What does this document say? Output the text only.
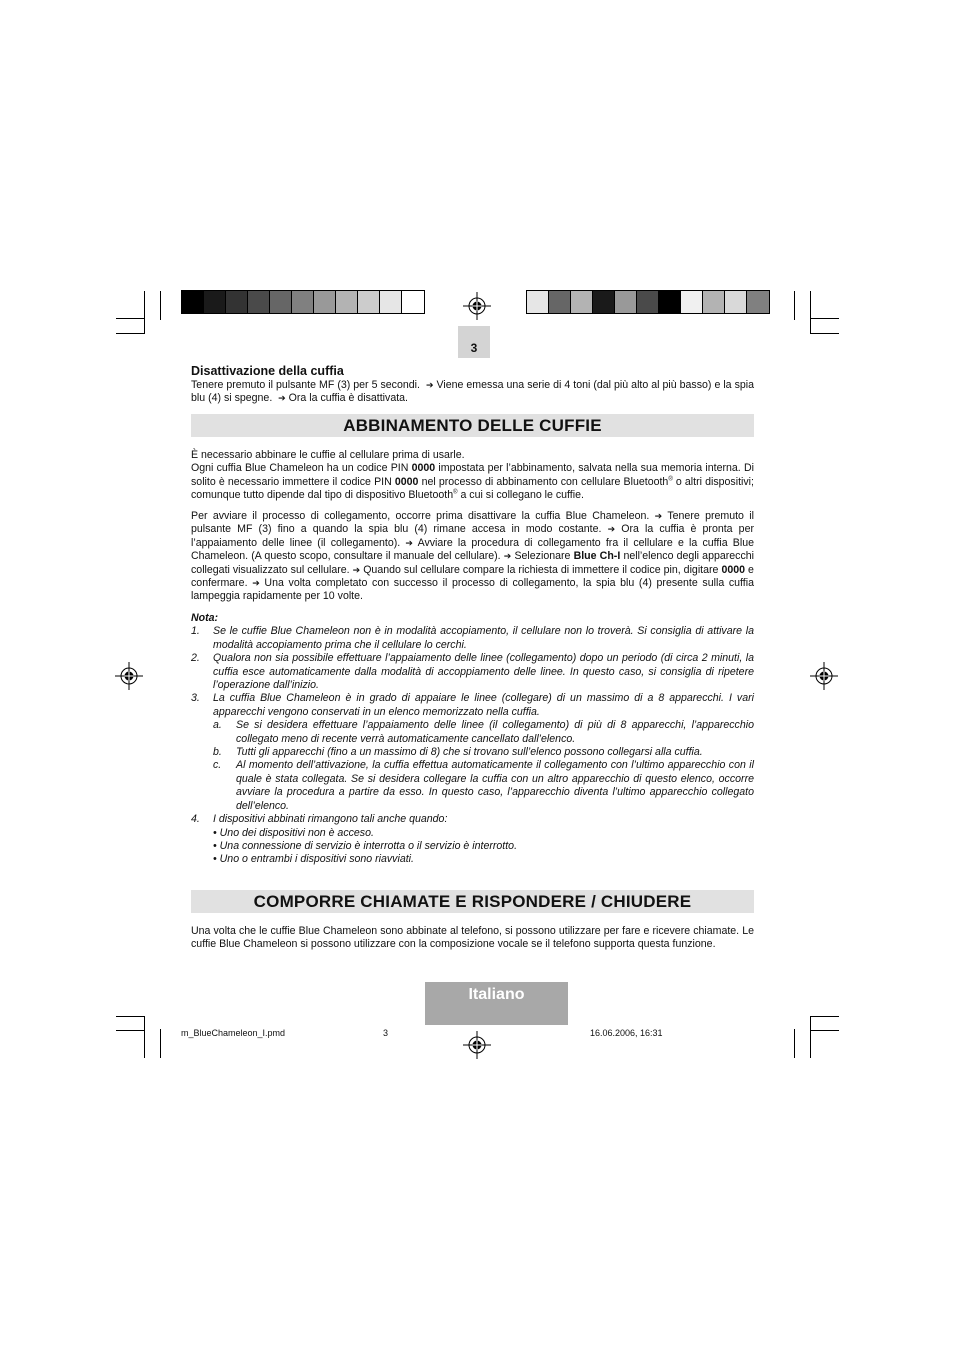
3
Disattivazione della cuffia

Tenere premuto il pulsante MF (3) per 5 secondi. ➔ Viene emessa una serie di 4 toni (dal più alto al più basso) e la spia blu (4) si spegne. ➔ Ora la cuffia è disattivata.

ABBINAMENTO DELLE CUFFIE

È necessario abbinare le cuffie al cellulare prima di usarle.

Ogni cuffia Blue Chameleon ha un codice PIN 0000 impostata per l’abbinamento, salvata nella sua memoria interna. Di solito è necessario immettere il codice PIN 0000 nel processo di abbinamento con cellulare Bluetooth® o altri dispositivi; comunque tutto dipende dal tipo di dispositivo Bluetooth® a cui si collegano le cuffie.

Per avviare il processo di collegamento, occorre prima disattivare la cuffia Blue Chameleon. ➔ Tenere premuto il pulsante MF (3) fino a quando la spia blu (4) rimane accesa in modo costante. ➔ Ora la cuffia è pronta per l’appaiamento delle linee (il collegamento). ➔ Avviare la procedura di collegamento fra il cellulare e la cuffia Blue Chameleon. (A questo scopo, consultare il manuale del cellulare). ➔ Selezionare Blue Ch-I nell’elenco degli apparecchi collegati visualizzato sul cellulare. ➔ Quando sul cellulare compare la richiesta di immettere il codice pin, digitare 0000 e confermare. ➔ Una volta completato con successo il processo di collegamento, la spia blu (4) presente sulla cuffia lampeggia rapidamente per 10 volte.

Nota:
1.	Se le cuffie Blue Chameleon non è in modalità accopiamento, il cellulare non lo troverà. Si consiglia di attivare la modalità accopiamento prima che il cellulare lo cerchi.
2.	Qualora non sia possibile effettuare l’appaiamento delle linee (collegamento) dopo un periodo (di circa 2 minuti, la cuffia esce automaticamente dalla modalità di accoppiamento delle linee. In questo caso, si consiglia di ripetere l’operazione dall’inizio.
3.	La cuffia Blue Chameleon è in grado di appaiare le linee (collegare) di un massimo di a 8 apparecchi. I vari apparecchi vengono conservati in un elenco memorizzato nella cuffia.
a.	Se si desidera effettuare l’appaiamento delle linee (il collegamento) di più di 8 apparecchi, l’apparecchio collegato meno di recente verrà automaticamente cancellato dall’elenco.
b.	Tutti gli apparecchi (fino a un massimo di 8) che si trovano sull’elenco possono collegarsi alla cuffia.
c.	Al momento dell’attivazione, la cuffia effettua automaticamente il collegamento con l’ultimo apparecchio con il quale è stata collegata. Se si desidera collegare la cuffia con un altro apparecchio di questo elenco, occorre avviare la procedura a partire da esso. In questo caso, l’apparecchio diventa l’ultimo apparecchio collegato dell’elenco.
4.	I dispositivi abbinati rimangono tali anche quando:
• Uno dei dispositivi non è acceso.
• Una connessione di servizio è interrotta o il servizio è interrotto.
• Uno o entrambi i dispositivi sono riavviati.
COMPORRE CHIAMATE E RISPONDERE / CHIUDERE

Una volta che le cuffie Blue Chameleon sono abbinate al telefono, si possono utilizzare per fare e ricevere chiamate. Le cuffie Blue Chameleon si possono utilizzare con la composizione vocale se il telefono supporta questa funzione.

Italiano
m_BlueChameleon_I.pmd	3	16.06.2006, 16:31
